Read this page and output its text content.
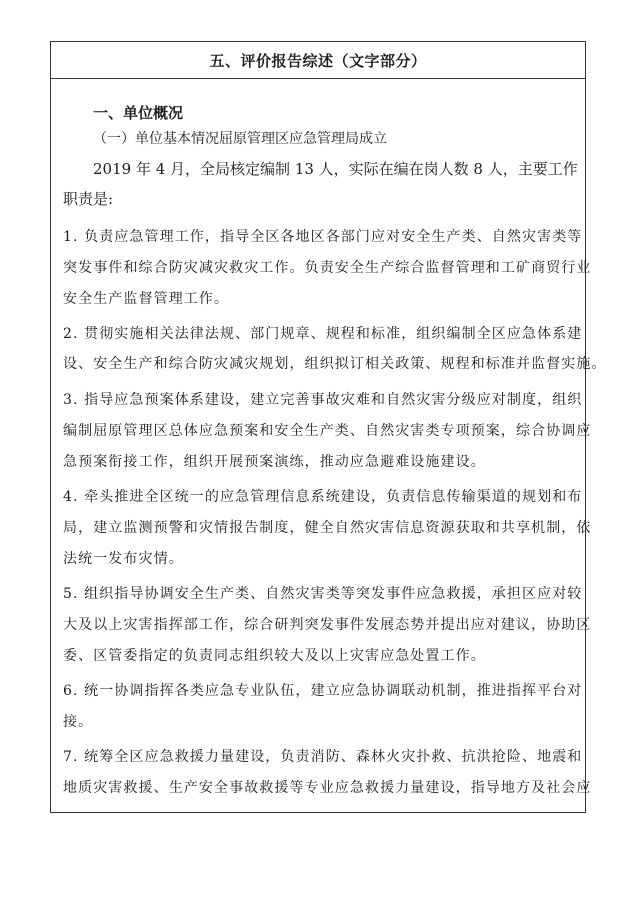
五、评价报告综述（文字部分）
一、单位概况
（一）单位基本情况屈原管理区应急管理局成立
2019 年 4 月，全局核定编制 13 人，实际在编在岗人数 8 人，主要工作
职责是:
1. 负责应急管理工作，指导全区各地区各部门应对安全生产类、自然灾害类等
突发事件和综合防灾减灾救灾工作。负责安全生产综合监督管理和工矿商贸行业
安全生产监督管理工作。
2. 贯彻实施相关法律法规、部门规章、规程和标准，组织编制全区应急体系建
设、安全生产和综合防灾减灾规划，组织拟订相关政策、规程和标准并监督实施。
3. 指导应急预案体系建设，建立完善事故灾难和自然灾害分级应对制度，组织
编制屈原管理区总体应急预案和安全生产类、自然灾害类专项预案，综合协调应
急预案衔接工作，组织开展预案演练，推动应急避难设施建设。
4. 牵头推进全区统一的应急管理信息系统建设，负责信息传输渠道的规划和布
局，建立监测预警和灾情报告制度，健全自然灾害信息资源获取和共享机制，依
法统一发布灾情。
5. 组织指导协调安全生产类、自然灾害类等突发事件应急救援，承担区应对较
大及以上灾害指挥部工作，综合研判突发事件发展态势并提出应对建议，协助区
委、区管委指定的负责同志组织较大及以上灾害应急处置工作。
6. 统一协调指挥各类应急专业队伍，建立应急协调联动机制，推进指挥平台对
接。
7. 统筹全区应急救援力量建设，负责消防、森林火灾扑救、抗洪抢险、地震和
地质灾害救援、生产安全事故救援等专业应急救援力量建设，指导地方及社会应
